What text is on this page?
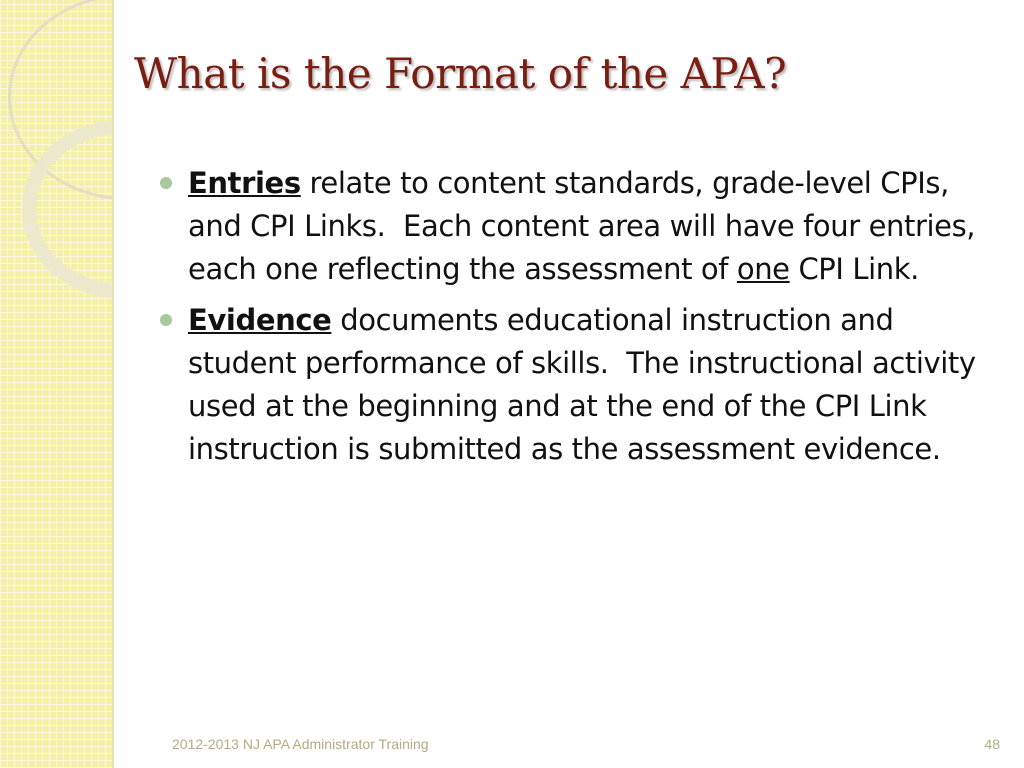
What is the Format of the APA?
Entries relate to content standards, grade-level CPIs, and CPI Links.  Each content area will have four entries, each one reflecting the assessment of one CPI Link.
Evidence documents educational instruction and student performance of skills.  The instructional activity used at the beginning and at the end of the CPI Link instruction is submitted as the assessment evidence.
2012-2013 NJ APA Administrator Training	48
